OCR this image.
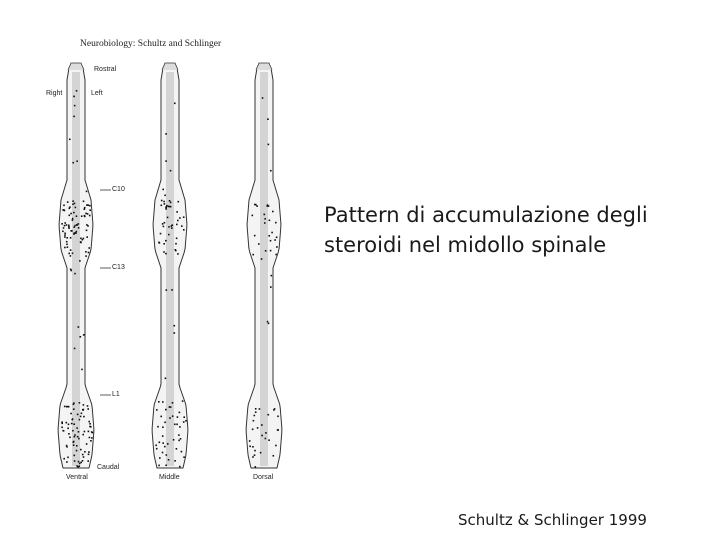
Neurobiology: Schultz and Schlinger
Rostral
Right	Left
C10
C13
L1
Caudal
Ventral	Middle	Dorsal
Pattern di accumulazione degli
steroidi nel midollo spinale
Schultz & Schlinger 1999
